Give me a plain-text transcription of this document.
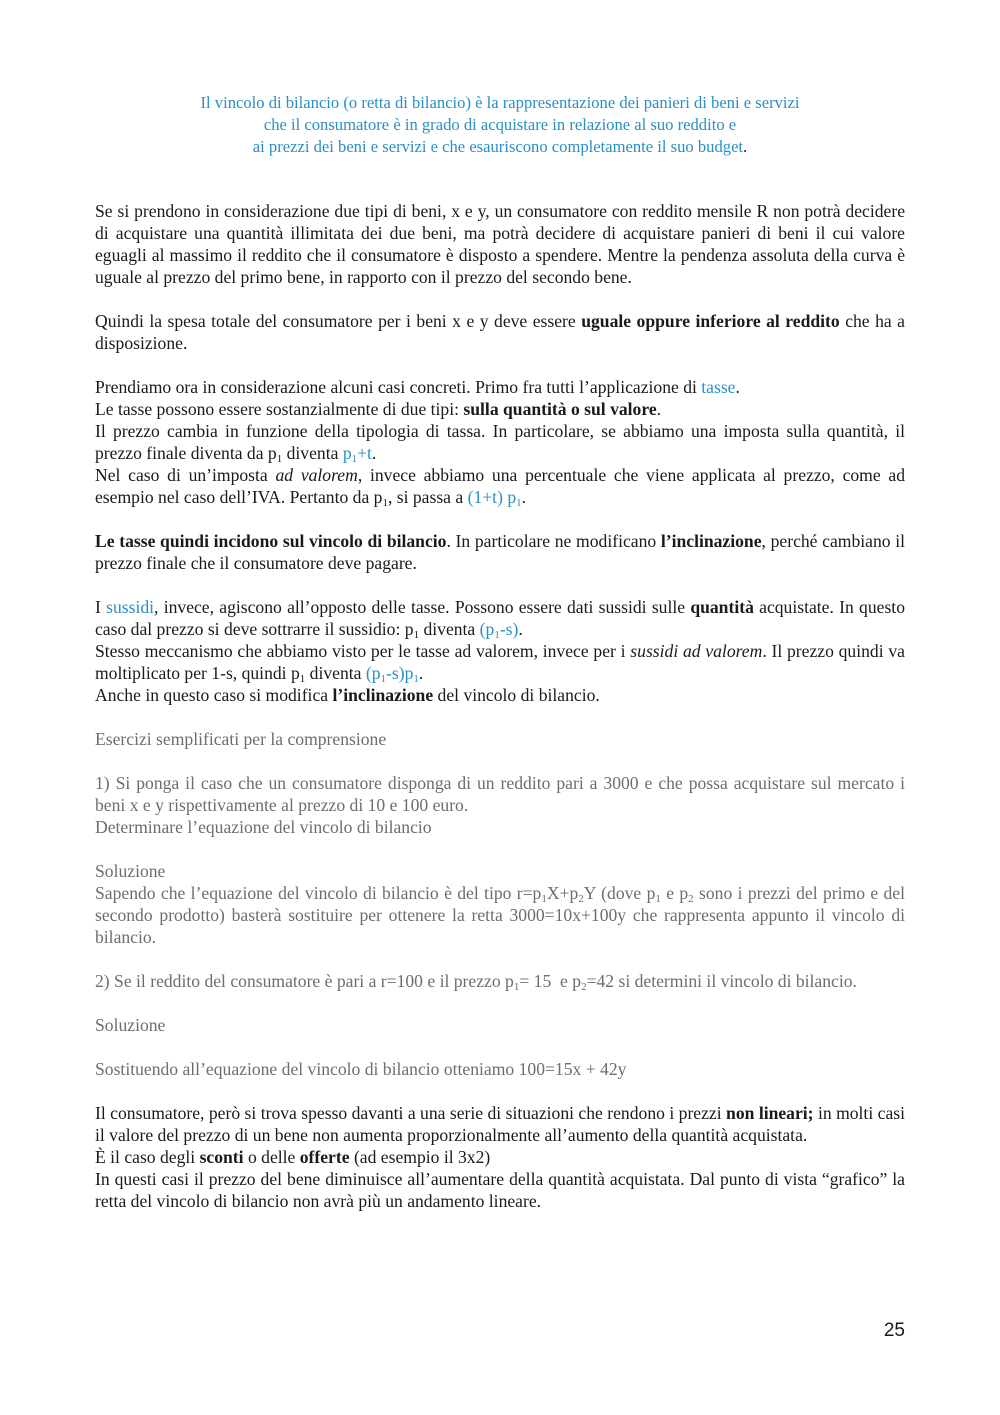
Il vincolo di bilancio (o retta di bilancio) è la rappresentazione dei panieri di beni e servizi
che il consumatore è in grado di acquistare in relazione al suo reddito e
ai prezzi dei beni e servizi e che esauriscono completamente il suo budget.

Se si prendono in considerazione due tipi di beni, x e y, un consumatore con reddito mensile R non potrà decidere di acquistare una quantità illimitata dei due beni, ma potrà decidere di acquistare panieri di beni il cui valore eguagli al massimo il reddito che il consumatore è disposto a spendere. Mentre la pendenza assoluta della curva è uguale al prezzo del primo bene, in rapporto con il prezzo del secondo bene.

Quindi la spesa totale del consumatore per i beni x e y deve essere uguale oppure inferiore al reddito che ha a disposizione.

Prendiamo ora in considerazione alcuni casi concreti. Primo fra tutti l’applicazione di tasse.

Le tasse possono essere sostanzialmente di due tipi: sulla quantità o sul valore.

Il prezzo cambia in funzione della tipologia di tassa. In particolare, se abbiamo una imposta sulla quantità, il prezzo finale diventa da $p_1$ diventa $p_1+t$.

Nel caso di un’imposta ad valorem, invece abbiamo una percentuale che viene applicata al prezzo, come ad esempio nel caso dell’IVA. Pertanto da $p_1$, si passa a (1+t) $p_1$.

Le tasse quindi incidono sul vincolo di bilancio. In particolare ne modificano l’inclinazione, perché cambiano il prezzo finale che il consumatore deve pagare.

I sussidi, invece, agiscono all’opposto delle tasse. Possono essere dati sussidi sulle quantità acquistate. In questo caso dal prezzo si deve sottrarre il sussidio: $p_1$ diventa $(p_1-s)$.

Stesso meccanismo che abbiamo visto per le tasse ad valorem, invece per i sussidi ad valorem. Il prezzo quindi va moltiplicato per 1-s, quindi $p_1$ diventa $(p_1-s)p_1$.

Anche in questo caso si modifica l’inclinazione del vincolo di bilancio.

Esercizi semplificati per la comprensione

1) Si ponga il caso che un consumatore disponga di un reddito pari a 3000 e che possa acquistare sul mercato i beni x e y rispettivamente al prezzo di 10 e 100 euro.

Determinare l’equazione del vincolo di bilancio

Soluzione

Sapendo che l’equazione del vincolo di bilancio è del tipo $r=p_1X+p_2Y$ (dove $p_1$ e $p_2$ sono i prezzi del primo e del secondo prodotto) basterà sostituire per ottenere la retta 3000=10x+100y che rappresenta appunto il vincolo di bilancio.

2) Se il reddito del consumatore è pari a r=100 e il prezzo $p_1= 15$  e $p_2=42$ si determini il vincolo di bilancio.

Soluzione

Sostituendo all’equazione del vincolo di bilancio otteniamo 100=15x + 42y

Il consumatore, però si trova spesso davanti a una serie di situazioni che rendono i prezzi non lineari; in molti casi il valore del prezzo di un bene non aumenta proporzionalmente all’aumento della quantità acquistata.

È il caso degli sconti o delle offerte (ad esempio il 3x2)

In questi casi il prezzo del bene diminuisce all’aumentare della quantità acquistata. Dal punto di vista “grafico” la retta del vincolo di bilancio non avrà più un andamento lineare.

25
